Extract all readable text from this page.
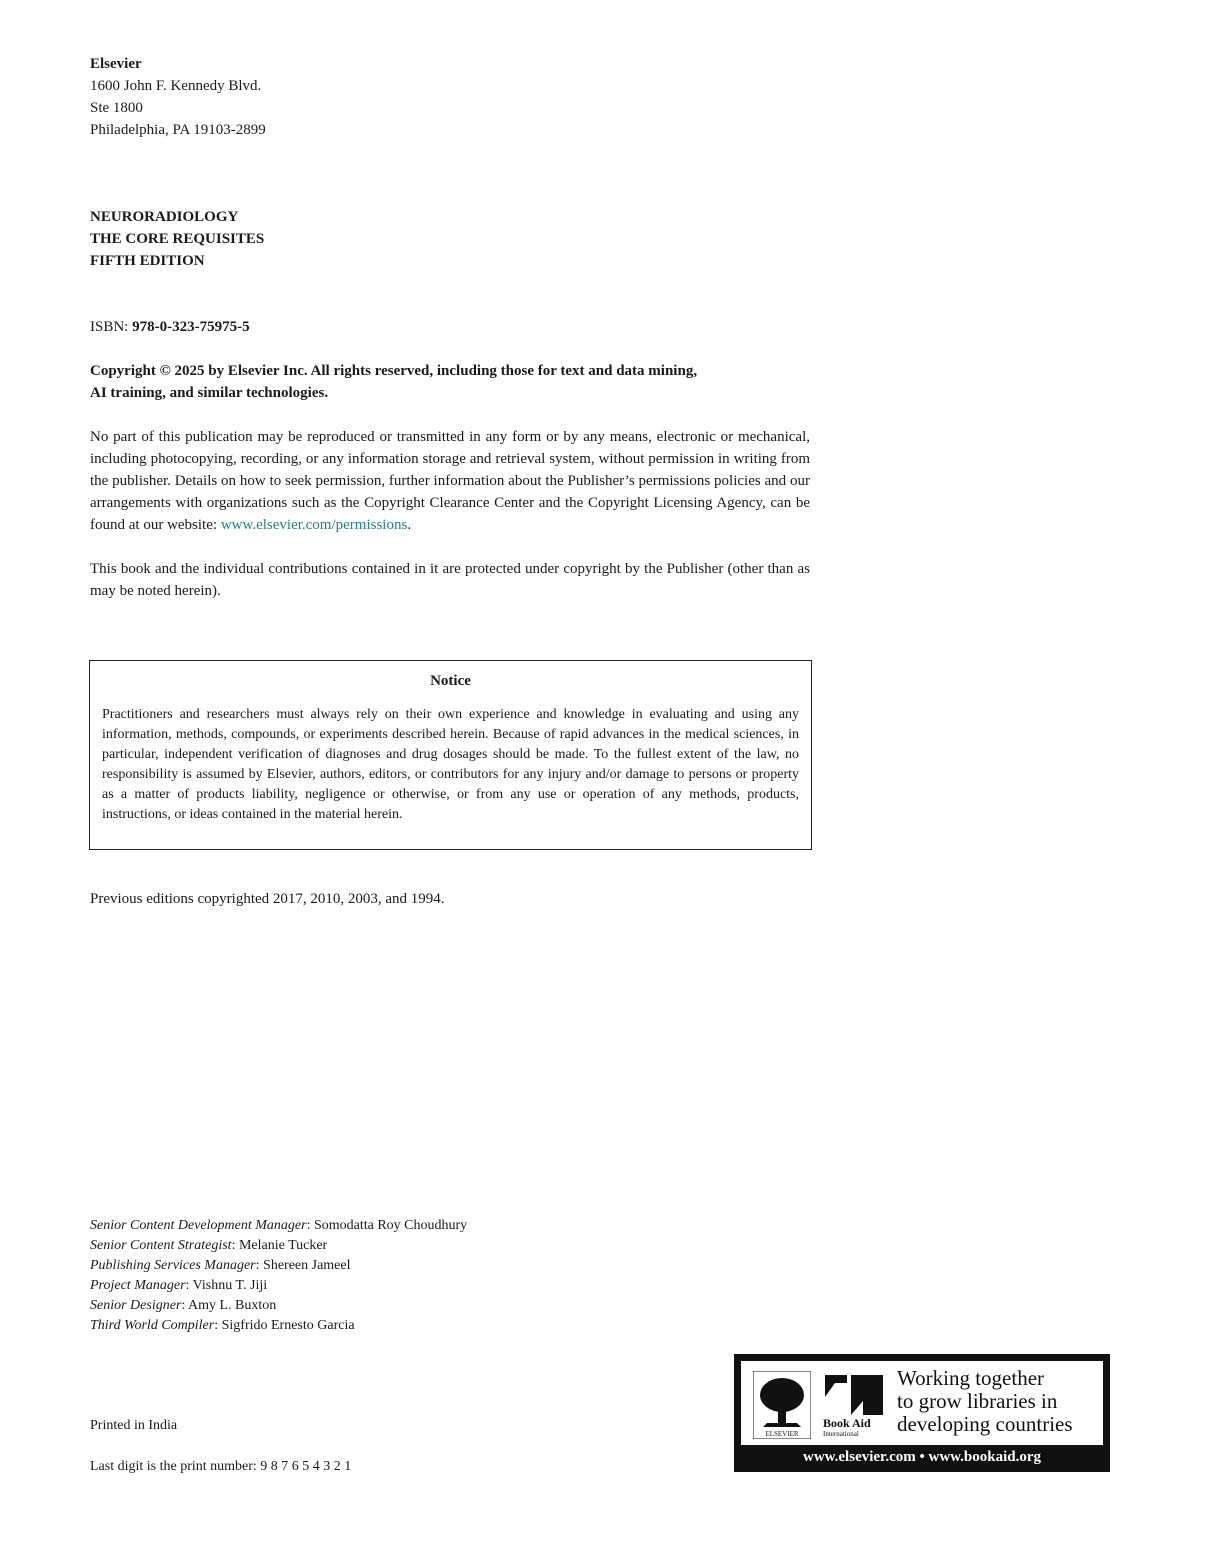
Elsevier
1600 John F. Kennedy Blvd.
Ste 1800
Philadelphia, PA 19103-2899
NEURORADIOLOGY
THE CORE REQUISITES
FIFTH EDITION
ISBN: 978-0-323-75975-5
Copyright © 2025 by Elsevier Inc. All rights reserved, including those for text and data mining,
AI training, and similar technologies.
No part of this publication may be reproduced or transmitted in any form or by any means, electronic or mechanical, including photocopying, recording, or any information storage and retrieval system, without permission in writing from the publisher. Details on how to seek permission, further information about the Publisher’s permissions policies and our arrangements with organizations such as the Copyright Clearance Center and the Copyright Licensing Agency, can be found at our website: www.elsevier.com/permissions.
This book and the individual contributions contained in it are protected under copyright by the Publisher (other than as may be noted herein).
Notice
Practitioners and researchers must always rely on their own experience and knowledge in evaluating and using any information, methods, compounds, or experiments described herein. Because of rapid advances in the medical sciences, in particular, independent verification of diagnoses and drug dosages should be made. To the fullest extent of the law, no responsibility is assumed by Elsevier, authors, editors, or contributors for any injury and/or damage to persons or property as a matter of products liability, negligence or otherwise, or from any use or operation of any methods, products, instructions, or ideas contained in the material herein.
Previous editions copyrighted 2017, 2010, 2003, and 1994.
Senior Content Development Manager: Somodatta Roy Choudhury
Senior Content Strategist: Melanie Tucker
Publishing Services Manager: Shereen Jameel
Project Manager: Vishnu T. Jiji
Senior Designer: Amy L. Buxton
Third World Compiler: Sigfrido Ernesto Garcia
Printed in India
Last digit is the print number: 9 8 7 6 5 4 3 2 1
ELSEVIER
Book Aid
International
Working together
to grow libraries in
developing countries
www.elsevier.com • www.bookaid.org
